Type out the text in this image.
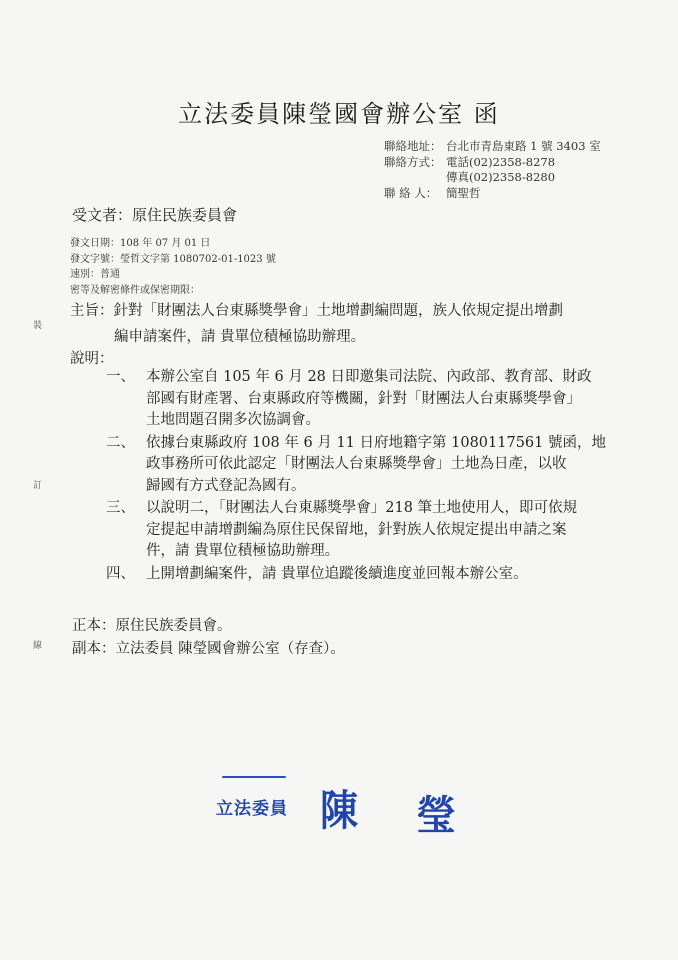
立法委員陳瑩國會辦公室 函
聯絡地址： 台北市青島東路 1 號 3403 室
聯絡方式： 電話(02)2358-8278
傳真(02)2358-8280
聯 絡 人： 簡聖哲
受文者：原住民族委員會
發文日期：108 年 07 月 01 日
發文字號：瑩哲文字第 1080702-01-1023 號
速別：普通
密等及解密條件或保密期限：
主旨：針對「財團法人台東縣獎學會」土地增劃編問題，族人依規定提出增劃
編申請案件，請 貴單位積極協助辦理。
說明：
一、 本辦公室自 105 年 6 月 28 日即邀集司法院、內政部、教育部、財政
部國有財產署、台東縣政府等機關，針對「財團法人台東縣獎學會」
土地問題召開多次協調會。
二、 依據台東縣政府 108 年 6 月 11 日府地籍字第 1080117561 號函，地
政事務所可依此認定「財團法人台東縣獎學會」土地為日產，以收
歸國有方式登記為國有。
三、 以說明二，「財團法人台東縣獎學會」218 筆土地使用人，即可依規
定提起申請增劃編為原住民保留地，針對族人依規定提出申請之案
件，請 貴單位積極協助辦理。
四、 上開增劃編案件，請 貴單位追蹤後續進度並回報本辦公室。
正本：原住民族委員會。
副本：立法委員 陳瑩國會辦公室（存查）。
裝
訂
線
立法委員 陳 瑩
